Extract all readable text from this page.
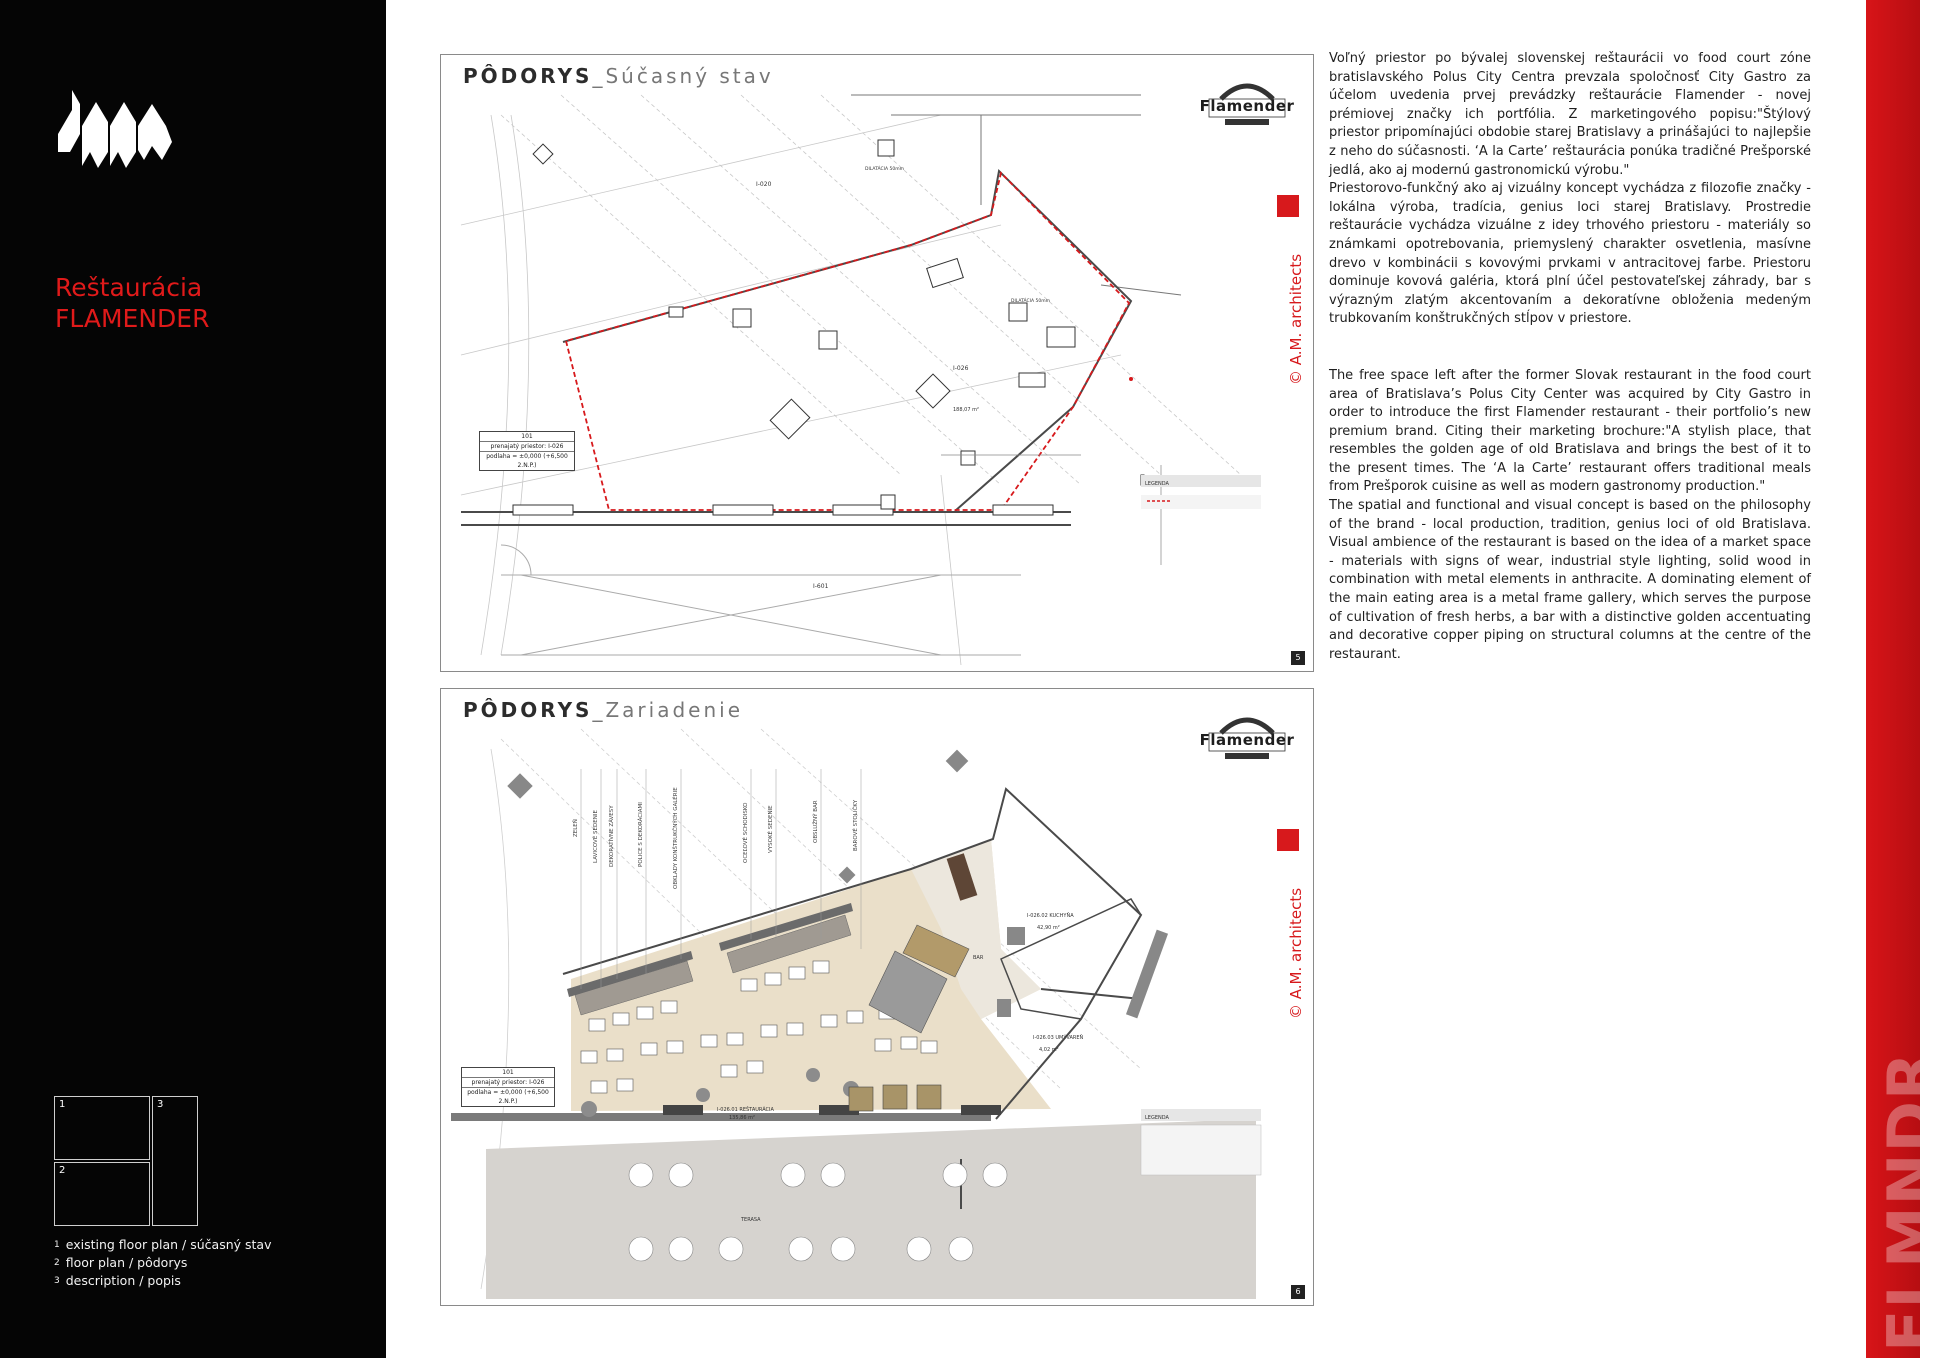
Reštaurácia
FLAMENDER
1
2
3
$^1$ existing floor plan / súčasný stav
$^2$ floor plan / pôdorys
$^3$ description / popis	FLMNDR
PÔDORYS_Súčasný stav
I-020
I-026
188,07 m²
I-601
DILATÁCIA 50mm
DILATÁCIA 50mm
LEGENDA
101
prenajatý priestor: I-026
podlaha = ±0,000 (+6,500 2.N.P.)
Flamender
© A.M. architects
5
PÔDORYS_Zariadenie
ZELEŇ	LAVICOVÉ SEDENIE DEKORATÍVNE ZÁVESY	POLICE S DEKORÁCIAMI	OBKLADY KONŠTRUKČNÝCH GALÉRIE	OCEĽOVÉ SCHODISKO	VYSOKÉ SEDENIE	OBSLUŽNÝ BAR	BAROVÉ STOLIČKY
I-026.01 REŠTAURÁCIA
135,86 m²
I-026.02 KUCHYŇA
42,90 m²
I-026.03 UMÝVAREŇ
4,02 m²
BAR
TERASA
LEGENDA
101
prenajatý priestor: I-026
podlaha = ±0,000 (+6,500 2.N.P.)
Flamender
© A.M. architects
6

Voľný priestor po bývalej slovenskej reštaurácii vo food court zóne bratislavského Polus City Centra prevzala spoločnosť City Gastro za účelom uvedenia prvej prevádzky reštaurácie Flamender - novej prémiovej značky ich portfólia. Z marketingového popisu:"Štýlový priestor pripomínajúci obdobie starej Bratislavy a prinášajúci to najlepšie z neho do súčasnosti. ‘A la Carte’ reštaurácia ponúka tradičné Prešporské jedlá, ako aj modernú gastronomickú výrobu."

Priestorovo-funkčný ako aj vizuálny koncept vychádza z filozofie značky - lokálna výroba, tradícia, genius loci starej Bratislavy. Prostredie reštaurácie vychádza vizuálne z idey trhového priestoru - materiály so známkami opotrebovania, priemyslený charakter osvetlenia, masívne drevo v kombinácii s kovovými prvkami v antracitovej farbe. Priestoru dominuje kovová galéria, ktorá plní účel pestovateľskej záhrady, bar s výrazným zlatým akcentovaním a dekoratívne obloženia medeným trubkovaním konštrukčných stĺpov v priestore.

The free space left after the former Slovak restaurant in the food court area of Bratislava’s Polus City Center was acquired by City Gastro in order to introduce the first Flamender restaurant - their portfolio’s new premium brand. Citing their marketing brochure:"A stylish place, that resembles the golden age of old Bratislava and brings the best of it to the present times. The ‘A la Carte’ restaurant offers traditional meals from Prešporok cuisine as well as modern gastronomy production."

The spatial and functional and visual concept is based on the philosophy of the brand - local production, tradition, genius loci of old Bratislava. Visual ambience of the restaurant is based on the idea of a market space - materials with signs of wear, industrial style lighting, solid wood in combination with metal elements in anthracite. A dominating element of the main eating area is a metal frame gallery, which serves the purpose of cultivation of fresh herbs, a bar with a distinctive golden accentuating and decorative copper piping on structural columns at the centre of the restaurant.
